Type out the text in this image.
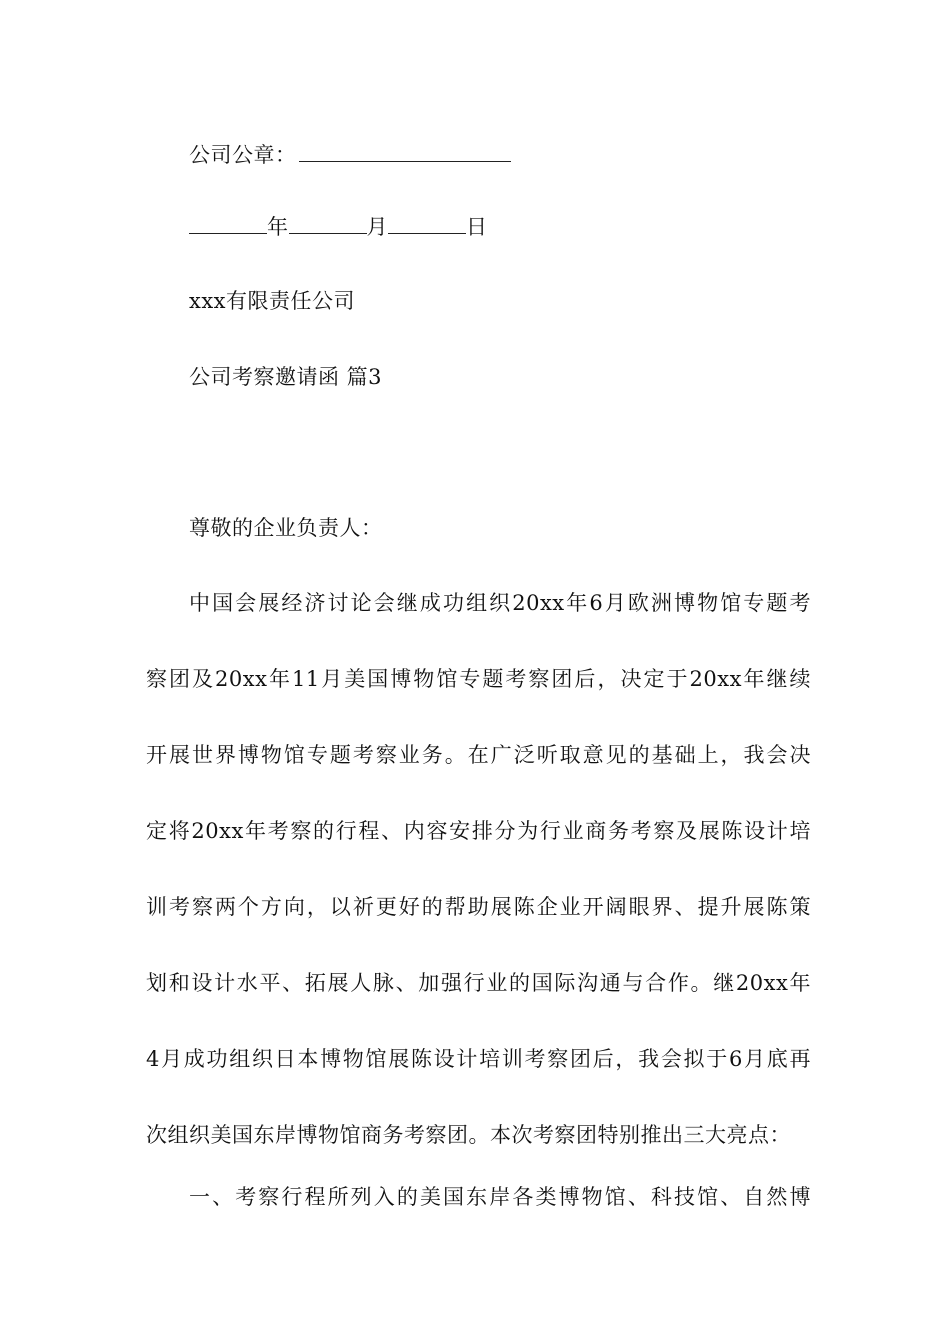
公司公章：
年	月	日
xxx有限责任公司
公司考察邀请函 篇3
尊敬的企业负责人：
中国会展经济讨论会继成功组织20xx年6月欧洲博物馆专题考
察团及20xx年11月美国博物馆专题考察团后，决定于20xx年继续
开展世界博物馆专题考察业务。在广泛听取意见的基础上，我会决
定将20xx年考察的行程、内容安排分为行业商务考察及展陈设计培
训考察两个方向，以祈更好的帮助展陈企业开阔眼界、提升展陈策
划和设计水平、拓展人脉、加强行业的国际沟通与合作。继20xx年
4月成功组织日本博物馆展陈设计培训考察团后，我会拟于6月底再
次组织美国东岸博物馆商务考察团。本次考察团特别推出三大亮点：
一、考察行程所列入的美国东岸各类博物馆、科技馆、自然博
